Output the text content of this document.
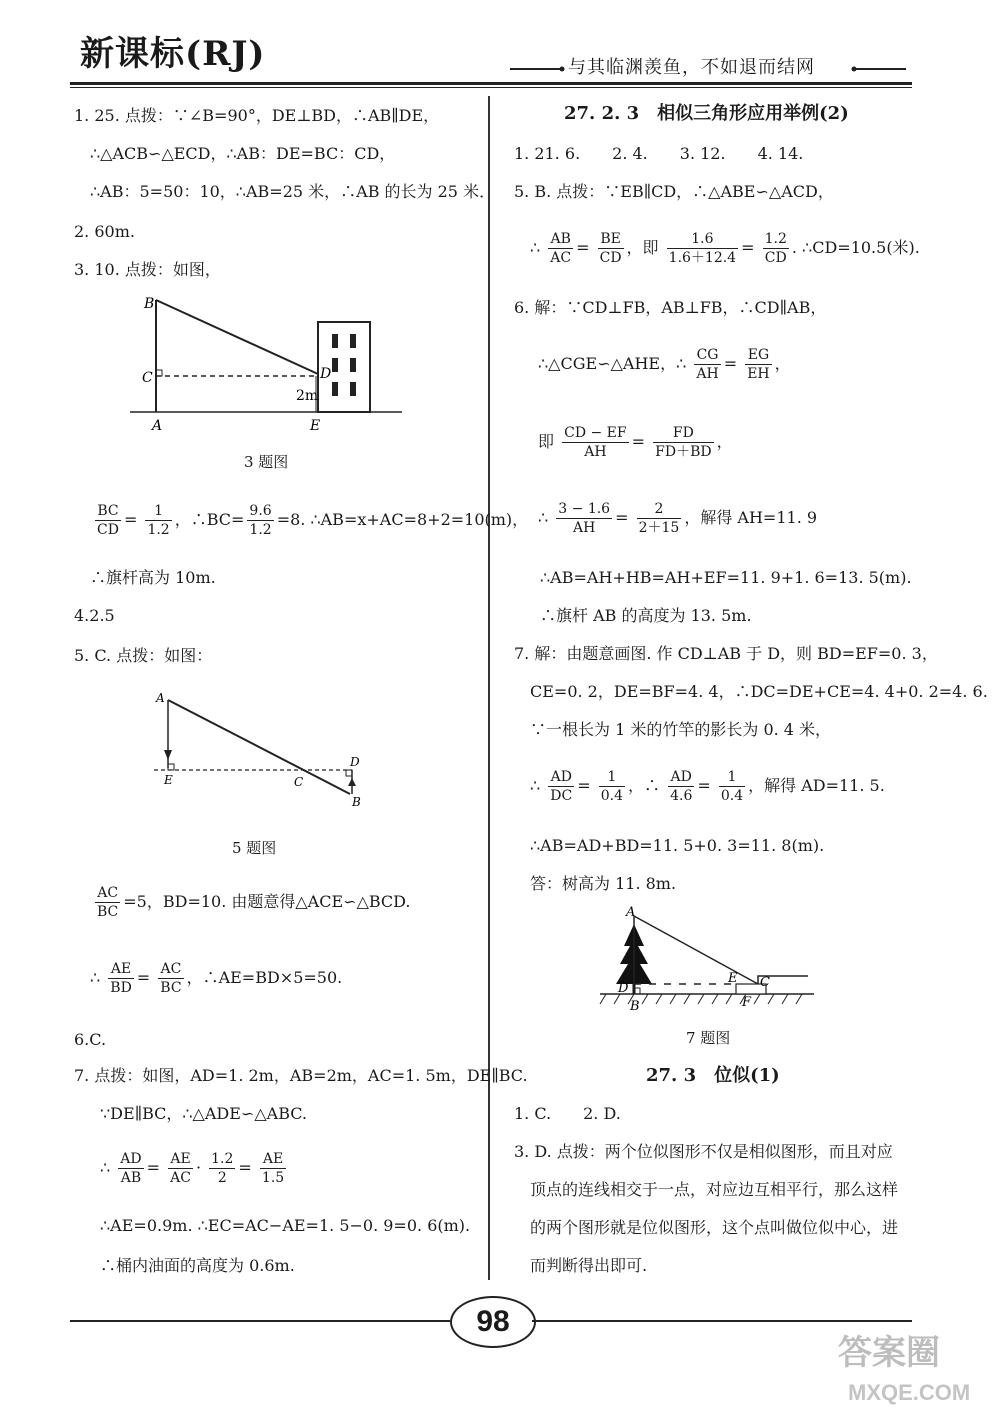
新课标(RJ)	与其临渊羡鱼，不如退而结网
1. 25. 点拨：∵∠B=90°，DE⊥BD，∴AB∥DE，
∴△ACB∽△ECD，∴AB：DE=BC：CD，
∴AB：5=50：10，∴AB=25 米，∴AB 的长为 25 米．
2. 60m.
3. 10. 点拨：如图，
B
C	D
A	E
2m
3 题图
$\frac{BC}{CD} = \frac{1}{1.2}$ ，∴BC= $\frac{9.6}{1.2} =8$. ∴AB=x+AC=8+2=10(m)，
∴旗杆高为 10m.
4.2.5
5. C. 点拨：如图：
A
E	C
D
B
5 题图
$\frac{AC}{BC} =5$，BD=10. 由题意得△ACE∽△BCD.
∴ $\frac{AE}{BD} = \frac{AC}{BC}$ ，∴AE=BD×5=50.
6.C.
7. 点拨：如图，AD=1. 2m，AB=2m，AC=1. 5m，DE∥BC.
∵DE∥BC，∴△ADE∽△ABC.
∴ $\frac{AD}{AB} = \frac{AE}{AC} \cdot \frac{1.2}{2} = \frac{AE}{1.5}$
∴AE=0.9m. ∴EC=AC−AE=1. 5−0. 9=0. 6(m).
∴桶内油面的高度为 0.6m.
27. 2. 3　相似三角形应用举例(2)
1. 21. 6.　　2. 4.　　3. 12.　　4. 14.
5. B. 点拨：∵EB∥CD，∴△ABE∽△ACD，
∴ $\frac{AB}{AC} = \frac{BE}{CD}$ ，即 $\frac{1.6}{1.6+12.4} = \frac{1.2}{CD}$ . ∴CD=10.5(米).
6. 解：∵CD⊥FB，AB⊥FB，∴CD∥AB，
∴△CGE∽△AHE，∴ $\frac{CG}{AH} = \frac{EG}{EH}$ ，
即 $\frac{CD - EF}{AH} = \frac{FD}{FD+BD}$ ，
∴ $\frac{3 - 1.6}{AH} = \frac{2}{2+15}$ ，解得 AH=11. 9
∴AB=AH+HB=AH+EF=11. 9+1. 6=13. 5(m).
∴旗杆 AB 的高度为 13. 5m.
7. 解：由题意画图. 作 CD⊥AB 于 D，则 BD=EF=0. 3，
CE=0. 2，DE=BF=4. 4，∴DC=DE+CE=4. 4+0. 2=4. 6.
∵一根长为 1 米的竹竿的影长为 0. 4 米，
∴ $\frac{AD}{DC} = \frac{1}{0.4}$ ，∴ $\frac{AD}{4.6} = \frac{1}{0.4}$ ，解得 AD=11. 5.
∴AB=AD+BD=11. 5+0. 3=11. 8(m).
答：树高为 11. 8m.
A
E C
D
B	F
7 题图
27. 3　位似(1)
1. C.　　2. D.
3. D. 点拨：两个位似图形不仅是相似图形，而且对应
顶点的连线相交于一点，对应边互相平行，那么这样
的两个图形就是位似图形，这个点叫做位似中心，进
而判断得出即可.
98
答案圈
MXQE.COM
